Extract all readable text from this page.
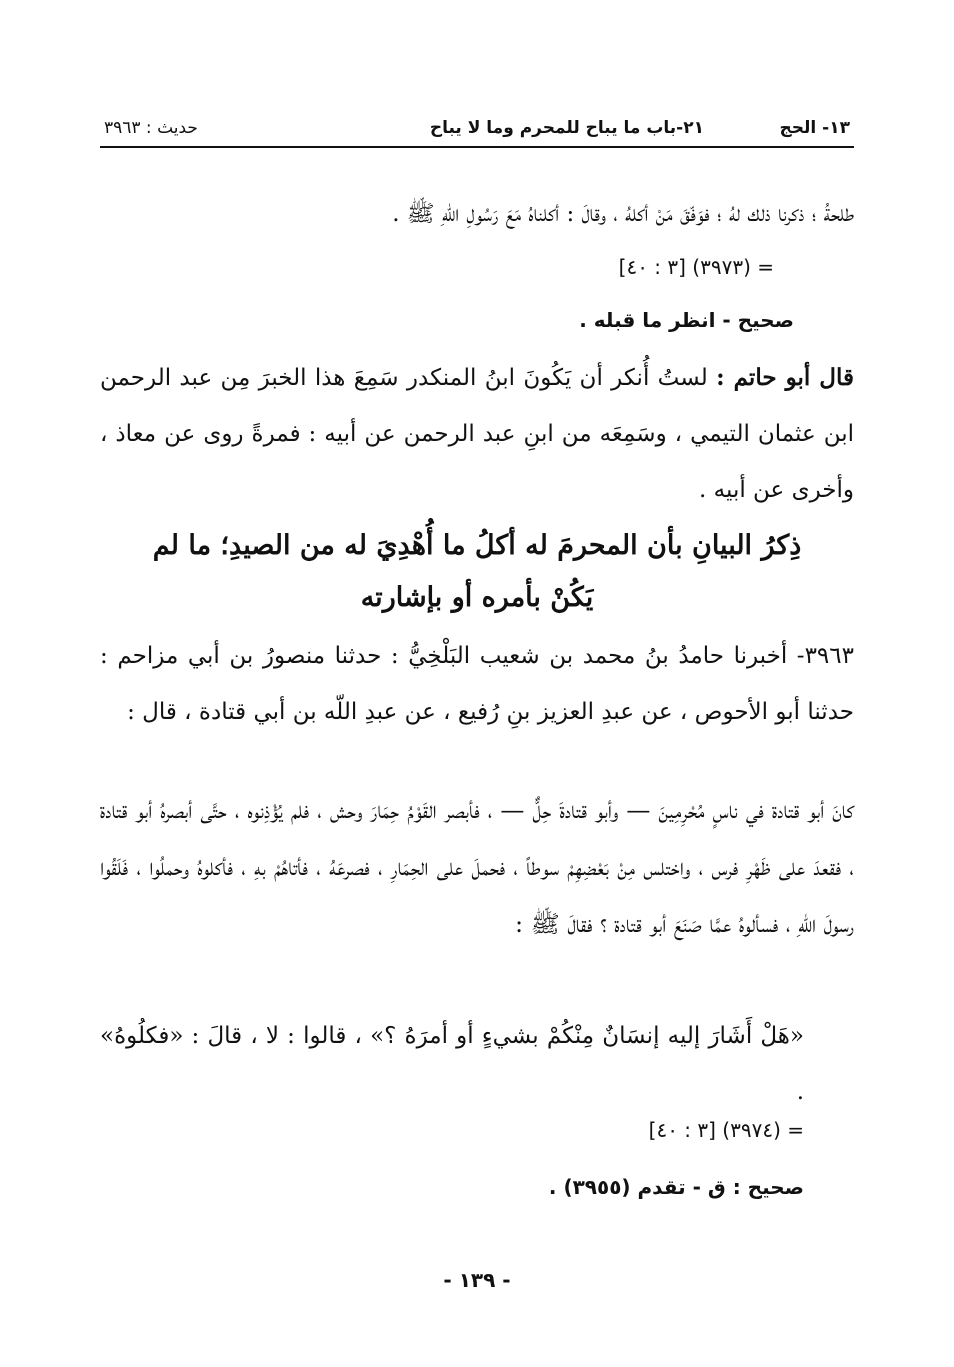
١٣- الحج
٢١-باب ما يباح للمحرم وما لا يباح
حديث : ٣٩٦٣
طلحةُ ؛ ذكرنا ذلك لهُ ؛ فوَفّقَ مَنْ أكلهُ ، وقالَ : أكلناهُ مَعَ رَسُولِ اللّهِ ﷺ .
= (٣٩٧٣) [٣ : ٤٠]
صحيح - انظر ما قبله .
قال أبو حاتم : لستُ أُنكر أن يَكُونَ ابنُ المنكدر سَمِعَ هذا الخبرَ مِن عبد الرحمن ابن عثمان التيمي ، وسَمِعَه من ابنِ عبد الرحمن عن أبيه : فمرةً روى عن معاذ ، وأخرى عن أبيه .
ذِكرُ البيانِ بأن المحرمَ له أكلُ ما أُهْدِيَ له من الصيدِ؛ ما لم
يَكُنْ بأمره أو بإشارته
٣٩٦٣- أخبرنا حامدُ بنُ محمد بن شعيب البَلْخِيُّ : حدثنا منصورُ بن أبي مزاحم : حدثنا أبو الأحوص ، عن عبدِ العزيز بنِ رُفيع ، عن عبدِ اللّه بن أبي قتادة ، قال :
كانَ أبو قتادة في ناسٍ مُحْرِمِينَ — وأبو قتادةَ حِلٌّ — ، فأبصر القَوْمُ حِمَارَ وحش ، فلم يُؤْذِنوه ، حتَّى أبصرهُ أبو قتادة ، فقعدَ على ظَهْرِ فرس ، واختلس مِنْ بَعْضِهِمْ سوطاً ، فحملَ على الحِمَارِ ، فصرعَهُ ، فأتاهُمْ بهِ ، فأكلوهُ وحملُوا ، فَلَقُوا رسولَ اللّهِ ، فسألوهُ عمَّا صَنَعَ أبو قتادة ؟ فقالَ ﷺ :
«هَلْ أَشَارَ إليه إنسَانٌ مِنْكُمْ بشيءٍ أو أمرَهُ ؟» ، قالوا : لا ، قالَ : «فكلُوهُ» .
= (٣٩٧٤) [٣ : ٤٠]
صحيح : ق - تقدم (٣٩٥٥) .
- ١٣٩ -
